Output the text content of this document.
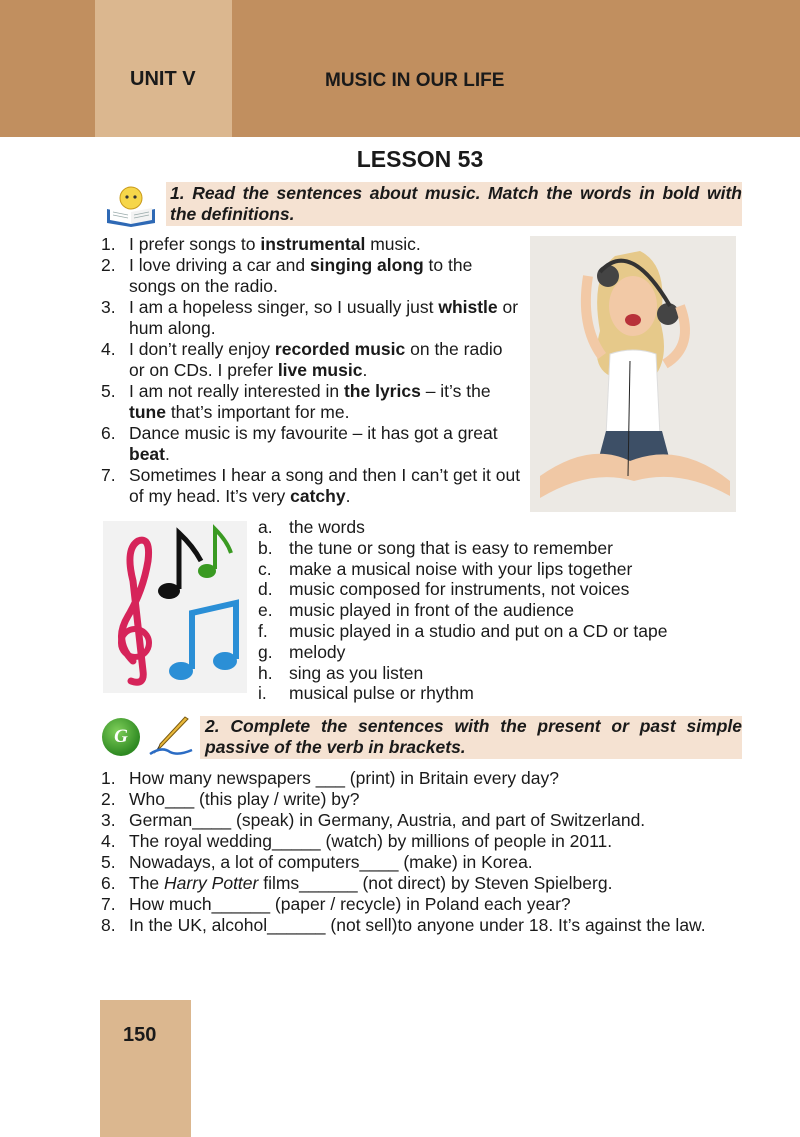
UNIT V	MUSIC IN OUR LIFE
LESSON 53
1. Read the sentences about music. Match the words in bold with the definitions.
1. I prefer songs to instrumental music.
2. I love driving a car and singing along to the songs on the radio.
3. I am a hopeless singer, so I usually just whistle or hum along.
4. I don’t really enjoy recorded music on the radio or on CDs. I prefer live music.
5. I am not really interested in the lyrics – it’s the tune that’s important for me.
6. Dance music is my favourite – it has got a great beat.
7. Sometimes I hear a song and then I can’t get it out of my head. It’s very catchy.
a. the words
b. the tune or song that is easy to remember
c. make a musical noise with your lips together
d. music composed for instruments, not voices
e. music played in front of the audience
f. music played in a studio and put on a CD or tape
g. melody
h. sing as you listen
i. musical pulse or rhythm
G	2. Complete the sentences with the present or past simple passive of the verb in brackets.
1. How many newspapers ___ (print) in Britain every day?
2. Who___ (this play / write) by?
3. German____ (speak) in Germany, Austria, and part of Switzerland.
4. The royal wedding_____ (watch) by millions of people in 2011.
5. Nowadays, a lot of computers____ (make) in Korea.
6. The Harry Potter films______ (not direct) by Steven Spielberg.
7. How much______ (paper / recycle) in Poland each year?
8. In the UK, alcohol______ (not sell)to anyone under 18. It’s against the law.
150
